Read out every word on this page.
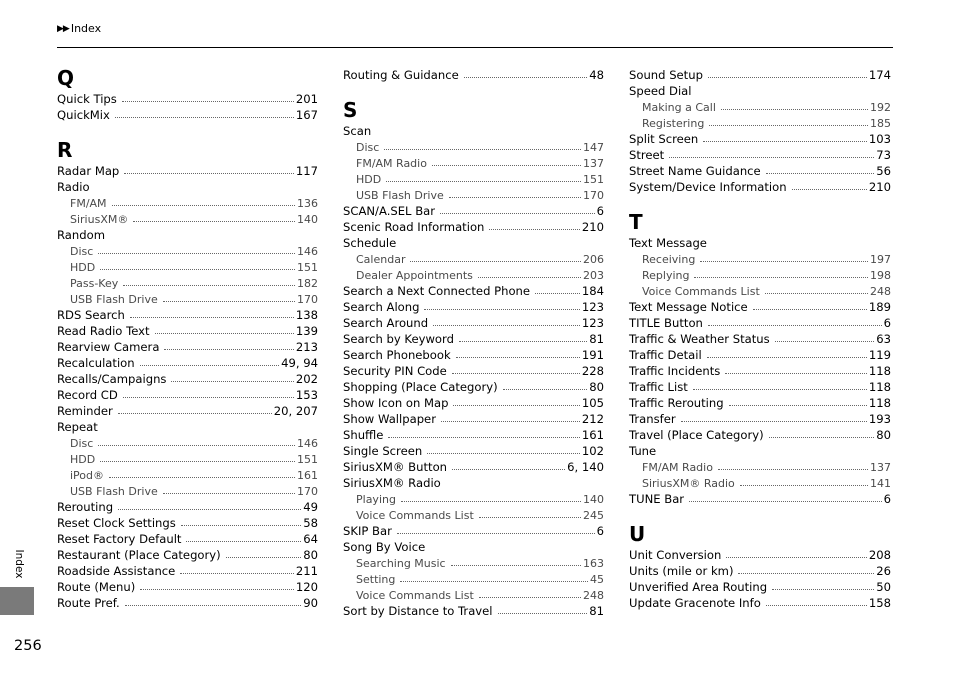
▶▶ Index
Q
Quick Tips	201
QuickMix	167
R
Radar Map	117
Radio
FM/AM	136
SiriusXM®	140
Random
Disc	146
HDD	151
Pass-Key	182
USB Flash Drive	170
RDS Search	138
Read Radio Text	139
Rearview Camera	213
Recalculation	49, 94
Recalls/Campaigns	202
Record CD	153
Reminder	20, 207
Repeat
Disc	146
HDD	151
iPod®	161
USB Flash Drive	170
Rerouting	49
Reset Clock Settings	58
Reset Factory Default	64
Restaurant (Place Category)	80
Roadside Assistance	211
Route (Menu)	120
Route Pref.	90
Routing & Guidance	48
S
Scan
Disc	147
FM/AM Radio	137
HDD	151
USB Flash Drive	170
SCAN/A.SEL Bar	6
Scenic Road Information	210
Schedule
Calendar	206
Dealer Appointments	203
Search a Next Connected Phone	184
Search Along	123
Search Around	123
Search by Keyword	81
Search Phonebook	191
Security PIN Code	228
Shopping (Place Category)	80
Show Icon on Map	105
Show Wallpaper	212
Shuffle	161
Single Screen	102
SiriusXM® Button	6, 140
SiriusXM® Radio
Playing	140
Voice Commands List	245
SKIP Bar	6
Song By Voice
Searching Music	163
Setting	45
Voice Commands List	248
Sort by Distance to Travel	81
Sound Setup	174
Speed Dial
Making a Call	192
Registering	185
Split Screen	103
Street	73
Street Name Guidance	56
System/Device Information	210
T
Text Message
Receiving	197
Replying	198
Voice Commands List	248
Text Message Notice	189
TITLE Button	6
Traffic & Weather Status	63
Traffic Detail	119
Traffic Incidents	118
Traffic List	118
Traffic Rerouting	118
Transfer	193
Travel (Place Category)	80
Tune
FM/AM Radio	137
SiriusXM® Radio	141
TUNE Bar	6
U
Unit Conversion	208
Units (mile or km)	26
Unverified Area Routing	50
Update Gracenote Info	158
Index
256
